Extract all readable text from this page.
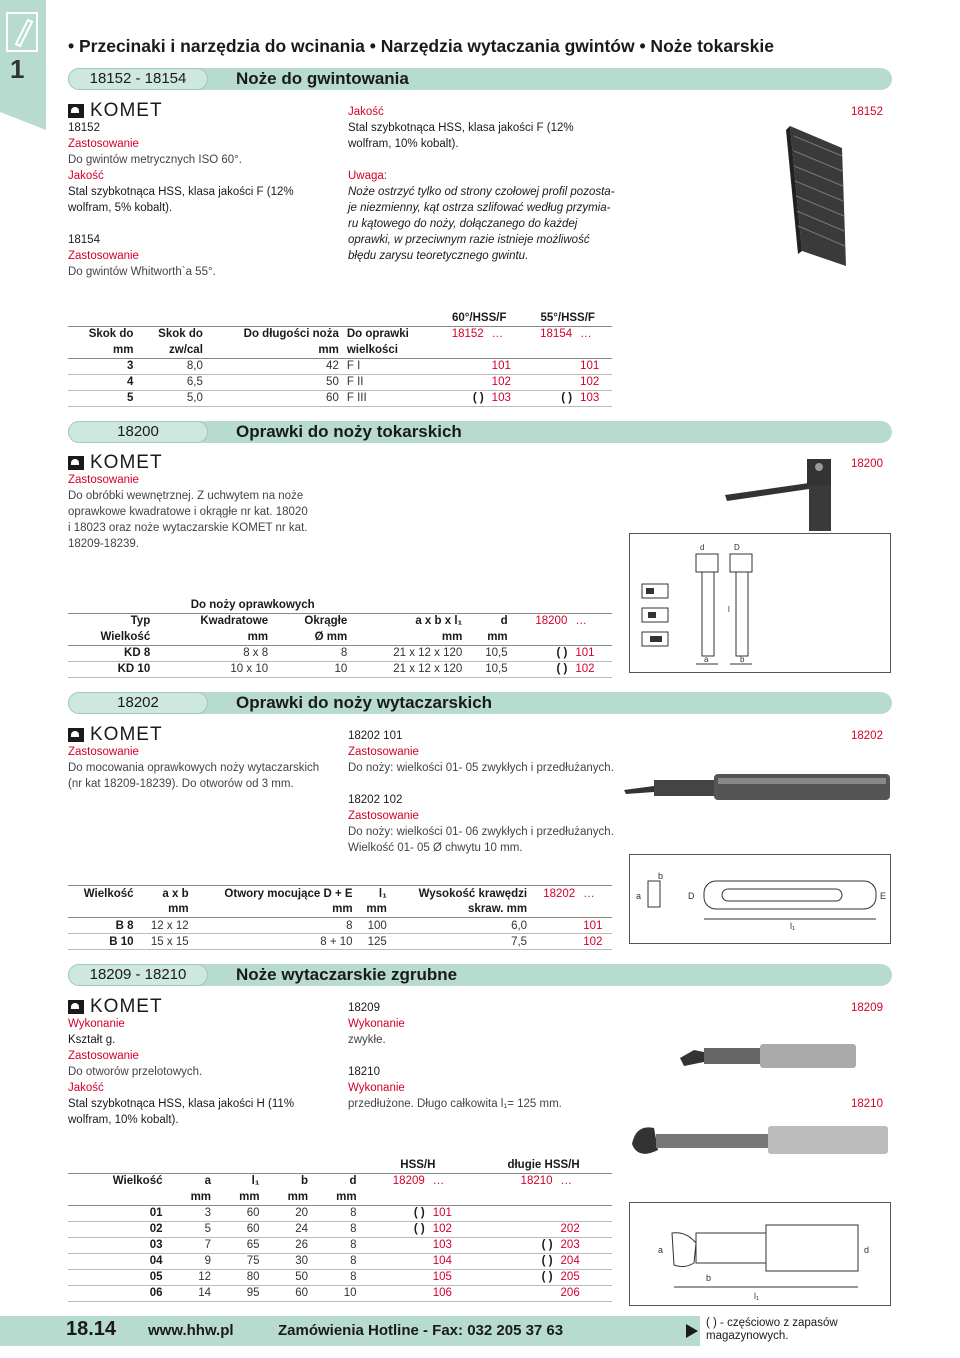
1
• Przecinaki i narzędzia do wcinania • Narzędzia wytaczania gwintów • Noże tokarskie
18152 - 18154	Noże do gwintowania
KOMET
18152
Zastosowanie
Do gwintów metrycznych ISO 60°.
Jakość
Stal szybkotnąca HSS, klasa jakości F (12%
wolfram, 5% kobalt).

18154
Zastosowanie
Do gwintów Whitworth`a 55°.
Jakość
Stal szybkotnąca HSS, klasa jakości F (12%
wolfram, 10% kobalt).

Uwaga:
Noże ostrzyć tylko od strony czołowej profil pozosta-
je niezmienny, kąt ostrza szlifować według przymia-
ru kątowego do noży, dołączanego do każdej
oprawki, w przeciwnym razie istnieje możliwość
błędu zarysu teoretycznego gwintu.
18152
				60°/HSS/F		55°/HSS/F	
Skok do	Skok do	Do długości noża	Do oprawki	18152	…	18154	…
mm	zw/cal	mm	wielkości				
3	8,0	42	F I		101		101
4	6,5	50	F II		102		102
5	5,0	60	F III	( )	103	( )	103
18200	Oprawki do noży tokarskich
KOMET
Zastosowanie
Do obróbki wewnętrznej. Z uchwytem na noże
oprawkowe kwadratowe i okrągłe nr kat. 18020
i 18023 oraz noże wytaczarskie KOMET nr kat.
18209-18239.
18200
d	D
a	b
l
	Do noży oprawkowych					
Typ	Kwadratowe	Okrągłe	a x b x l₁	d	18200	…
Wielkość	mm	Ø mm	mm	mm		
KD 8	8 x 8	8	21 x 12 x 120	10,5	( )	101
KD 10	10 x 10	10	21 x 12 x 120	10,5	( )	102
18202	Oprawki do noży wytaczarskich
KOMET
Zastosowanie
Do mocowania oprawkowych noży wytaczarskich
(nr kat 18209-18239). Do otworów od 3 mm.
18202 101
Zastosowanie
Do noży: wielkości 01- 05 zwykłych i przedłużanych.

18202 102
Zastosowanie
Do noży: wielkości 01- 06 zwykłych i przedłużanych.
Wielkość 01- 05 Ø chwytu 10 mm.
18202
a
b
D
l₁
E
Wielkość	a x b	Otwory mocujące D + E	l₁	Wysokość krawędzi	18202	…
	mm	mm	mm	skraw. mm		
B 8	12 x 12	8	100	6,0		101
B 10	15 x 15	8 + 10	125	7,5		102
18209 - 18210	Noże wytaczarskie zgrubne
KOMET
Wykonanie
Kształt g.
Zastosowanie
Do otworów przelotowych.
Jakość
Stal szybkotnąca HSS, klasa jakości H (11%
wolfram, 10% kobalt).
18209
Wykonanie
zwykłe.

18210
Wykonanie
przedłużone. Długo całkowita l₁= 125 mm.
18209
18210
a
b
d
l₁
					HSS/H		długie HSS/H	
Wielkość	a	l₁	b	d	18209	…	18210	…
	mm	mm	mm	mm				
01	3	60	20	8	( )	101		
02	5	60	24	8	( )	102		202
03	7	65	26	8		103	( )	203
04	9	75	30	8		104	( )	204
05	12	80	50	8		105	( )	205
06	14	95	60	10		106		206
18.14 www.hhw.pl	Zamówienia Hotline - Fax: 032 205 37 63	( ) - częściowo z zapasów
magazynowych.
